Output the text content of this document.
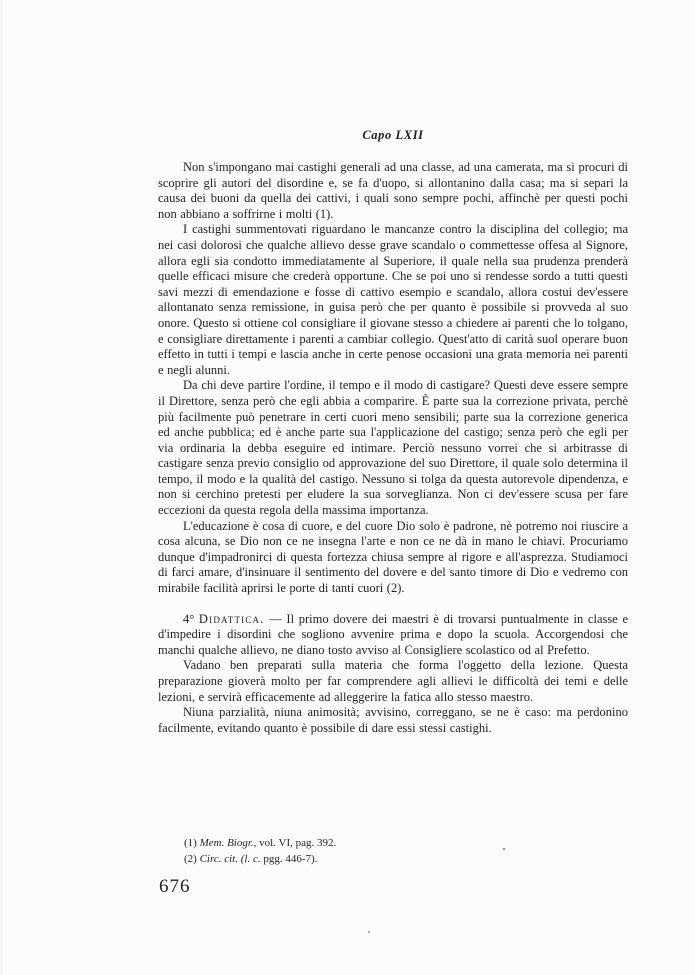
Capo LXII

Non s'impongano mai castighi generali ad una classe, ad una camerata, ma si procuri di scoprire gli autori del disordine e, se fa d'uopo, si allontanino dalla casa; ma si separi la causa dei buoni da quella dei cattivi, i quali sono sempre pochi, affinchè per questi pochi non abbiano a soffrirne i molti (1).

I castighi summentovati riguardano le mancanze contro la disciplina del collegio; ma nei casi dolorosi che qualche allievo desse grave scandalo o commettesse offesa al Signore, allora egli sia condotto immediatamente al Superiore, il quale nella sua prudenza prenderà quelle efficaci misure che crederà opportune. Che se poi uno si rendesse sordo a tutti questi savi mezzi di emendazione e fosse di cattivo esempio e scandalo, allora costui dev'essere allontanato senza remissione, in guisa però che per quanto è possibile si provveda al suo onore. Questo si ottiene col consigliare il giovane stesso a chiedere ai parenti che lo tolgano, e consigliare direttamente i parenti a cambiar collegio. Quest'atto di carità suol operare buon effetto in tutti i tempi e lascia anche in certe penose occasioni una grata memoria nei parenti e negli alunni.

Da chi deve partire l'ordine, il tempo e il modo di castigare? Questi deve essere sempre il Direttore, senza però che egli abbia a comparire. È parte sua la correzione privata, perchè più facilmente può penetrare in certi cuori meno sensibili; parte sua la correzione generica ed anche pubblica; ed è anche parte sua l'applicazione del castigo; senza però che egli per via ordinaria la debba eseguire ed intimare. Perciò nessuno vorrei che si arbitrasse di castigare senza previo consiglio od approvazione del suo Direttore, il quale solo determina il tempo, il modo e la qualità del castigo. Nessuno si tolga da questa autorevole dipendenza, e non si cerchino pretesti per eludere la sua sorveglianza. Non ci dev'essere scusa per fare eccezioni da questa regola della massima importanza.

L'educazione è cosa di cuore, e del cuore Dio solo è padrone, nè potremo noi riuscire a cosa alcuna, se Dio non ce ne insegna l'arte e non ce ne dà in mano le chiavi. Procuriamo dunque d'impadronirci di questa fortezza chiusa sempre al rigore e all'asprezza. Studiamoci di farci amare, d'insinuare il sentimento del dovere e del santo timore di Dio e vedremo con mirabile facilità aprirsi le porte di tanti cuori (2).

4° Didattica. — Il primo dovere dei maestri è di trovarsi puntualmente in classe e d'impedire i disordini che sogliono avvenire prima e dopo la scuola. Accorgendosi che manchi qualche allievo, ne diano tosto avviso al Consigliere scolastico od al Prefetto.

Vadano ben preparati sulla materia che forma l'oggetto della lezione. Questa preparazione gioverà molto per far comprendere agli allievi le difficoltà dei temi e delle lezioni, e servirà efficacemente ad alleggerire la fatica allo stesso maestro.

Niuna parzialità, niuna animosità; avvisino, correggano, se ne è caso: ma perdonino facilmente, evitando quanto è possibile di dare essi stessi castighi.

(1) Mem. Biogr., vol. VI, pag. 392.
(2) Circ. cit. (l. c. pgg. 446-7).
676
